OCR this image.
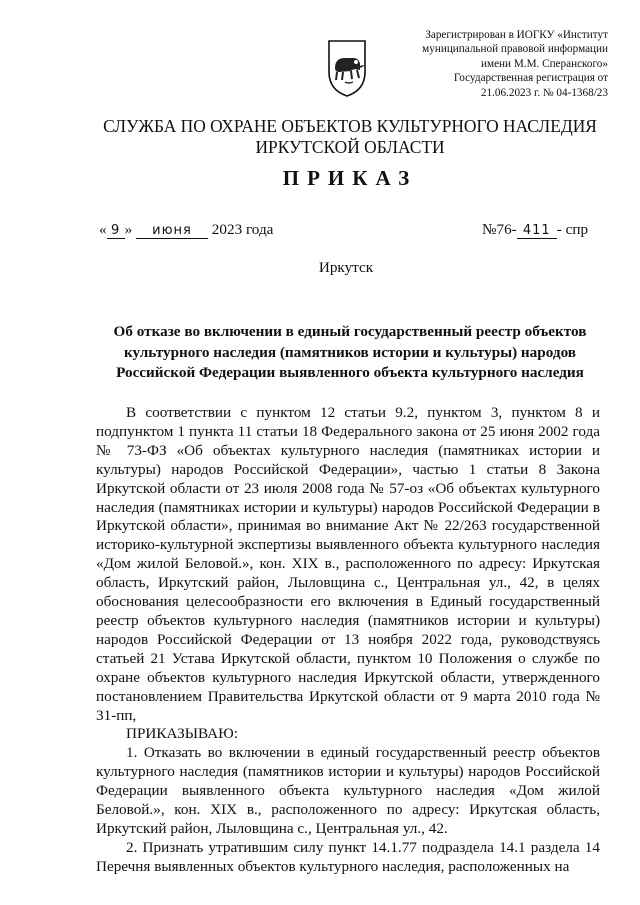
Зарегистрирован в ИОГКУ «Институт
муниципальной правовой информации
имени М.М. Сперанского»
Государственная регистрация от
21.06.2023 г. № 04-1368/23
СЛУЖБА ПО ОХРАНЕ ОБЪЕКТОВ КУЛЬТУРНОГО НАСЛЕДИЯ
ИРКУТСКОЙ ОБЛАСТИ
ПРИКАЗ
« 9 » июня 2023 года	№76- 411 - спр
Иркутск
Об отказе во включении в единый государственный реестр объектов культурного наследия (памятников истории и культуры) народов Российской Федерации выявленного объекта культурного наследия

В соответствии с пунктом 12 статьи 9.2, пунктом 3, пунктом 8 и подпунктом 1 пункта 11 статьи 18 Федерального закона от 25 июня 2002 года № 73-ФЗ «Об объектах культурного наследия (памятниках истории и культуры) народов Российской Федерации», частью 1 статьи 8 Закона Иркутской области от 23 июля 2008 года № 57-оз «Об объектах культурного наследия (памятниках истории и культуры) народов Российской Федерации в Иркутской области», принимая во внимание Акт № 22/263 государственной историко-культурной экспертизы выявленного объекта культурного наследия «Дом жилой Беловой.», кон. XIX в., расположенного по адресу: Иркутская область, Иркутский район, Лыловщина с., Центральная ул., 42, в целях обоснования целесообразности его включения в Единый государственный реестр объектов культурного наследия (памятников истории и культуры) народов Российской Федерации от 13 ноября 2022 года, руководствуясь статьей 21 Устава Иркутской области, пунктом 10 Положения о службе по охране объектов культурного наследия Иркутской области, утвержденного постановлением Правительства Иркутской области от 9 марта 2010 года № 31-пп,

ПРИКАЗЫВАЮ:

1. Отказать во включении в единый государственный реестр объектов культурного наследия (памятников истории и культуры) народов Российской Федерации выявленного объекта культурного наследия «Дом жилой Беловой.», кон. XIX в., расположенного по адресу: Иркутская область, Иркутский район, Лыловщина с., Центральная ул., 42.

2. Признать утратившим силу пункт 14.1.77 подраздела 14.1 раздела 14 Перечня выявленных объектов культурного наследия, расположенных на
